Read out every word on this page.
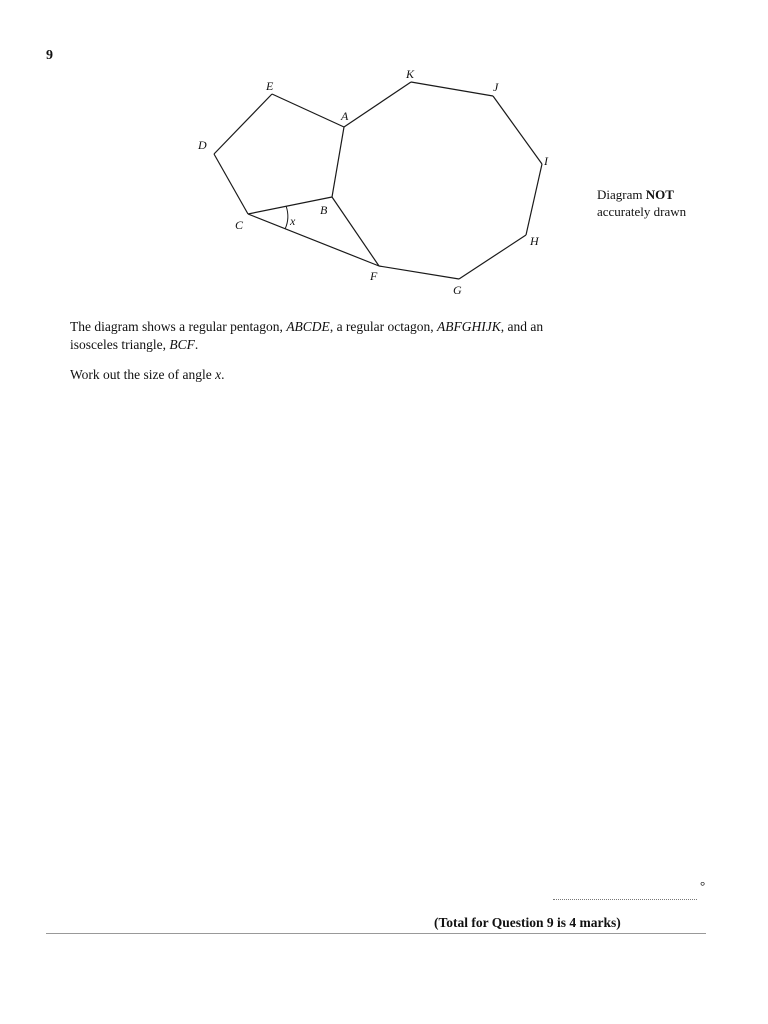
9
E
A
K
J
I
D
B
C	x
H
F
G
Diagram NOT
accurately drawn

The diagram shows a regular pentagon, ABCDE, a regular octagon, ABFGHIJK, and an
isosceles triangle, BCF.

Work out the size of angle x.

°
(Total for Question 9 is 4 marks)
